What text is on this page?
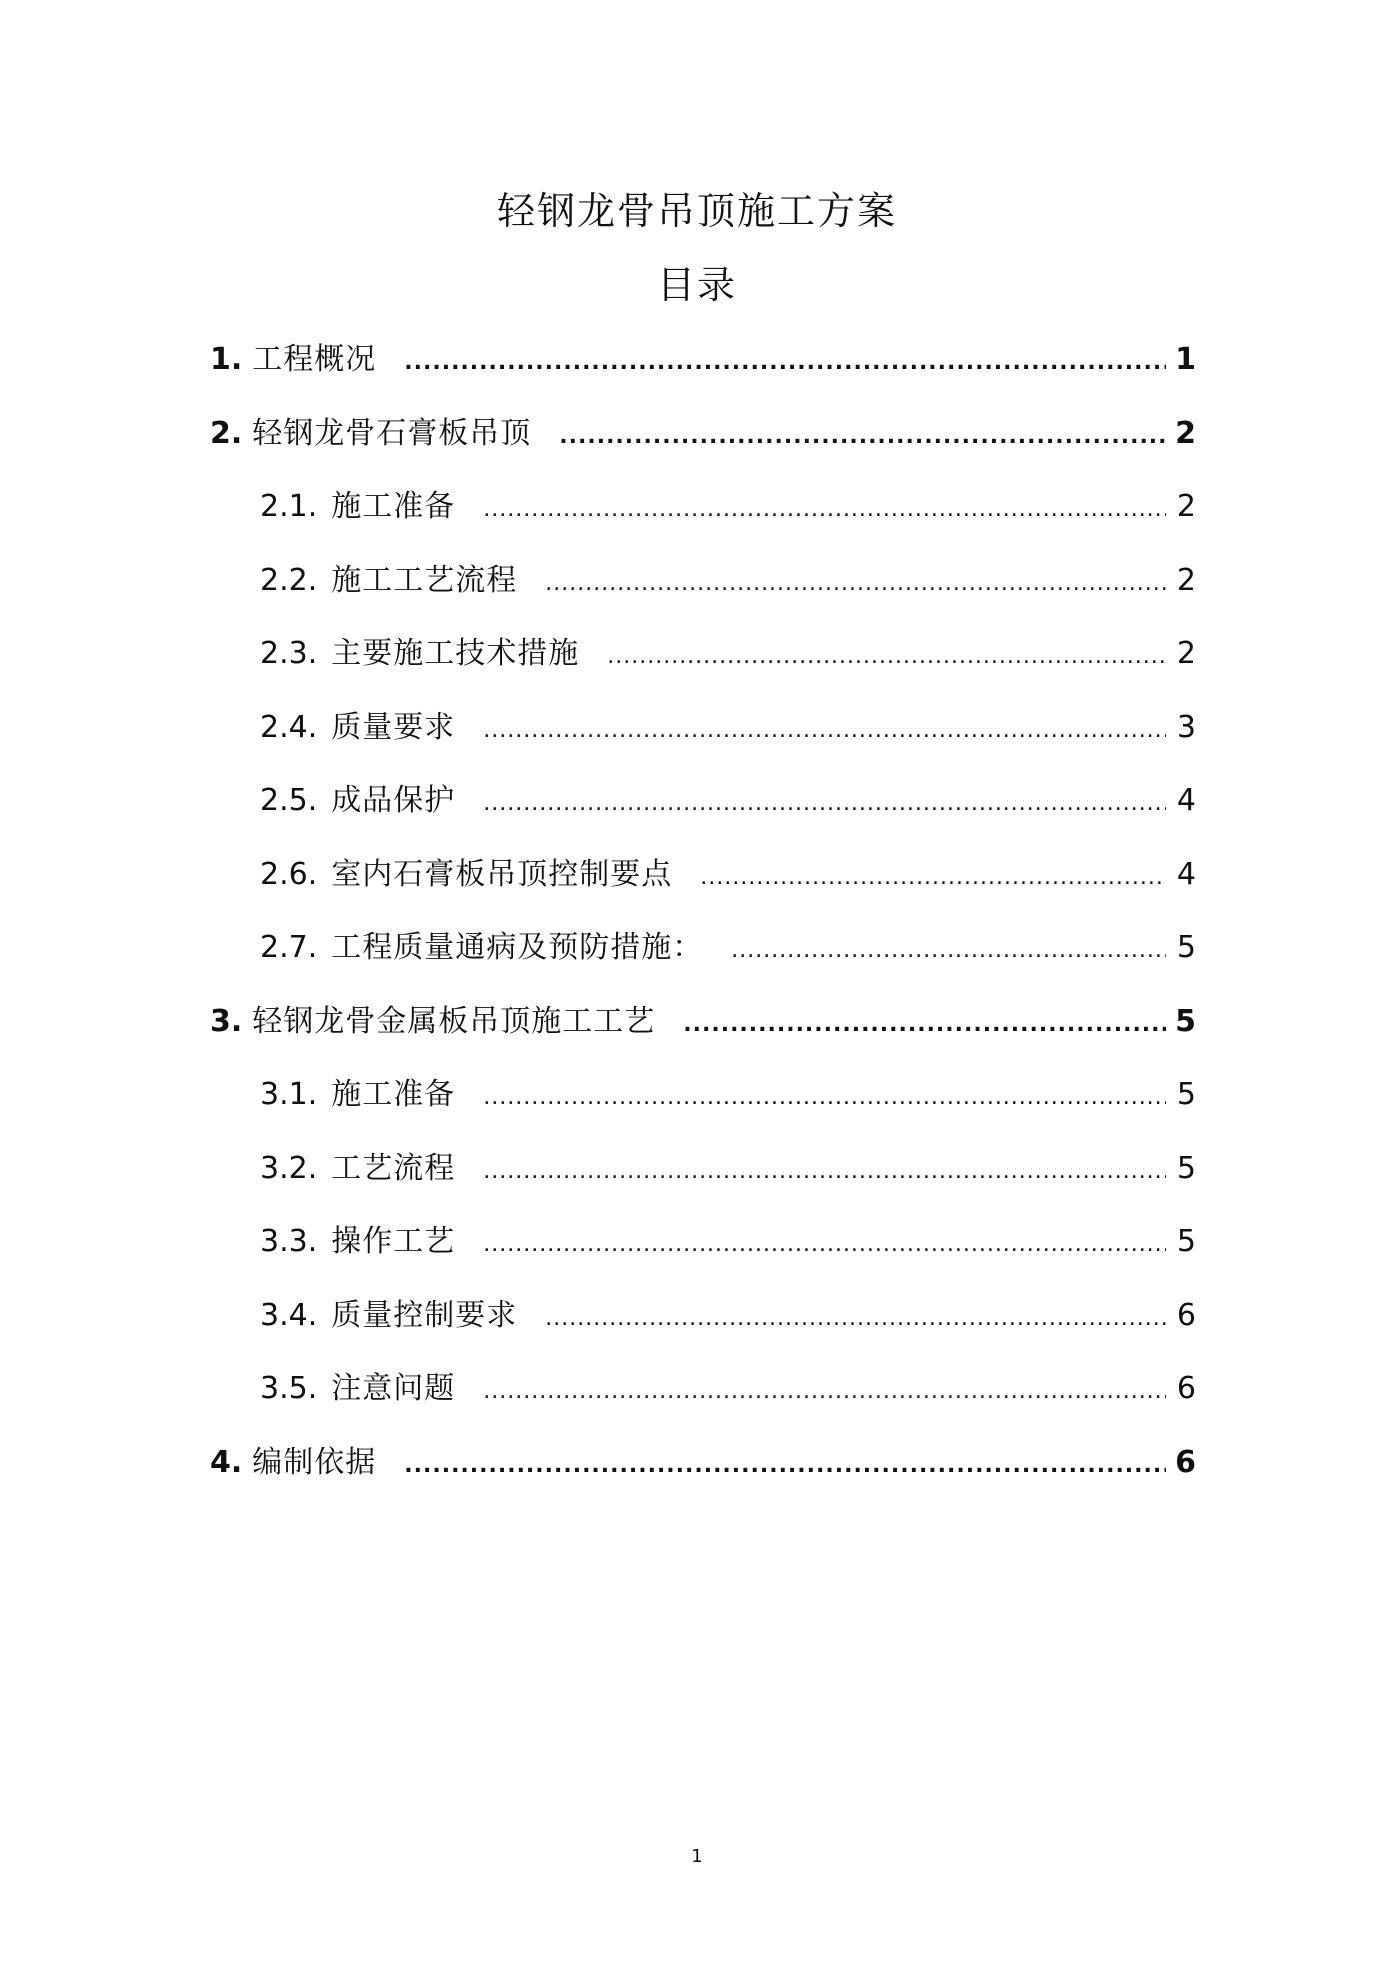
轻钢龙骨吊顶施工方案
目录
1. 工程概况 .....	1
2. 轻钢龙骨石膏板吊顶 .....	2
2.1. 施工准备 .....	2
2.2. 施工工艺流程 .....	2
2.3. 主要施工技术措施 .....	2
2.4. 质量要求 .....	3
2.5. 成品保护 .....	4
2.6. 室内石膏板吊顶控制要点 .....	4
2.7. 工程质量通病及预防措施： .....	5
3. 轻钢龙骨金属板吊顶施工工艺 .....	5
3.1. 施工准备 .....	5
3.2. 工艺流程 .....	5
3.3. 操作工艺 .....	5
3.4. 质量控制要求 .....	6
3.5. 注意问题 .....	6
4. 编制依据 .....	6
1
